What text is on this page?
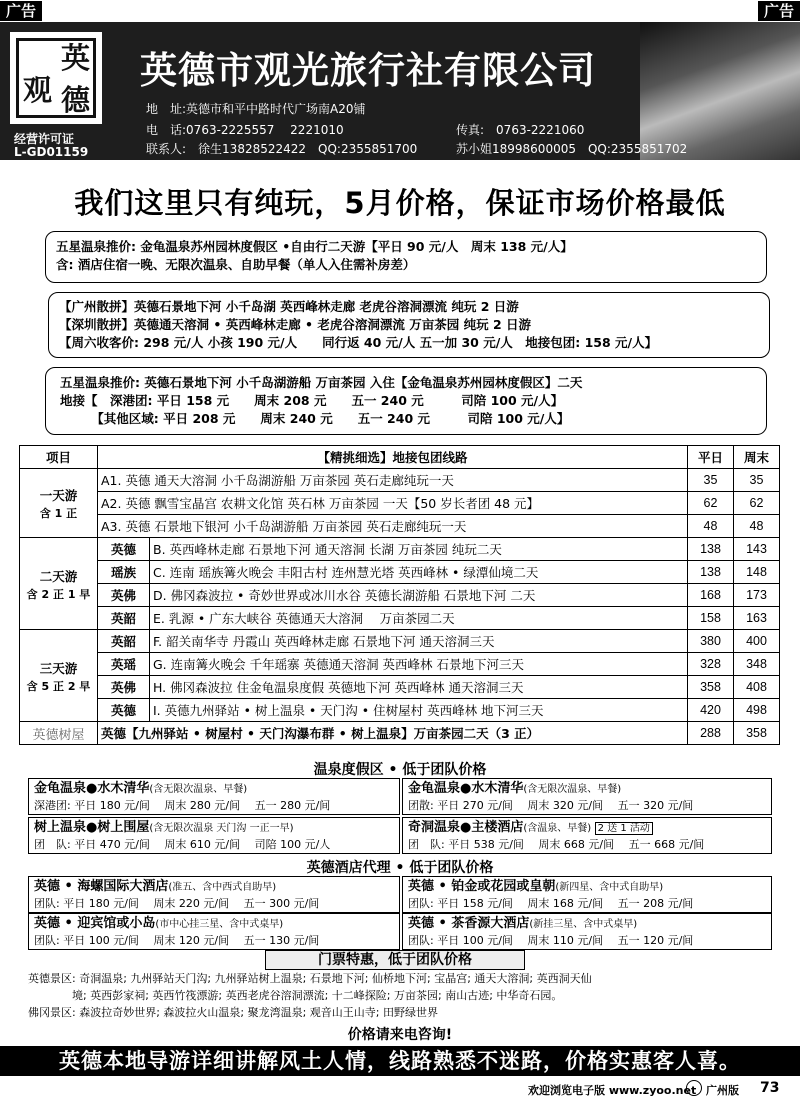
广告	广告
观
英
德
经营许可证
L-GD01159
英德市观光旅行社有限公司
地　址:英德市和平中路时代广场南A20铺
电　话:0763-2225557　 2221010	传真:　0763-2221060
联系人:　徐生13828522422　QQ:2355851700	苏小姐18998600005　QQ:2355851702
我们这里只有纯玩，5月价格，保证市场价格最低
五星温泉推价: 金龟温泉苏州园林度假区 •自由行二天游【平日 90 元/人　周末 138 元/人】
含: 酒店住宿一晚、无限次温泉、自助早餐（单人入住需补房差）
【广州散拼】英德石景地下河 小千岛湖 英西峰林走廊 老虎谷溶洞漂流 纯玩 2 日游
【深圳散拼】英德通天溶洞 • 英西峰林走廊 • 老虎谷溶洞漂流 万亩茶园 纯玩 2 日游
【周六收客价: 298 元/人 小孩 190 元/人　　同行返 40 元/人 五一加 30 元/人　地接包团: 158 元/人】
五星温泉推价: 英德石景地下河 小千岛湖游船 万亩茶园 入住【金龟温泉苏州园林度假区】二天
地接【　深港团: 平日 158 元　　周末 208 元　　五一 240 元　　　司陪 100 元/人】
　　　【其他区域: 平日 208 元　　周末 240 元　　五一 240 元　　　司陪 100 元/人】
项目	【精挑细选】地接包团线路		平日	周末
一天游
含 1 正	A1. 英德 通天大溶洞 小千岛湖游船 万亩茶园 英石走廊纯玩一天		35	35
	A2. 英德 飘雪宝晶宫 农耕文化馆 英石林 万亩茶园 一天【50 岁长者团 48 元】		62	62
	A3. 英德 石景地下银河 小千岛湖游船 万亩茶园 英石走廊纯玩一天		48	48
二天游
含 2 正 1 早	英德	B. 英西峰林走廊 石景地下河 通天溶洞 长湖 万亩茶园 纯玩二天	138	143
	瑶族	C. 连南 瑶族篝火晚会 丰阳古村 连州慧光塔 英西峰林 • 绿潭仙境二天	138	148
	英佛	D. 佛冈森波拉 • 奇妙世界或冰川水谷 英德长湖游船 石景地下河 二天	168	173
	英韶	E. 乳源 • 广东大峡谷 英德通天大溶洞　 万亩茶园二天	158	163
三天游
含 5 正 2 早	英韶	F. 韶关南华寺 丹霞山 英西峰林走廊 石景地下河 通天溶洞三天	380	400
	英瑶	G. 连南篝火晚会 千年瑶寨 英德通天溶洞 英西峰林 石景地下河三天	328	348
	英佛	H. 佛冈森波拉 住金龟温泉度假 英德地下河 英西峰林 通天溶洞三天	358	408
	英德	I. 英德九州驿站 • 树上温泉 • 天门沟 • 住树屋村 英西峰林 地下河三天	420	498
英德树屋	英德【九州驿站 • 树屋村 • 天门沟瀑布群 • 树上温泉】万亩茶园二天（3 正）		288	358
温泉度假区 • 低于团队价格
金龟温泉●水木清华(含无限次温泉、早餐)
深港团: 平日 180 元/间　 周末 280 元/间　 五一 280 元/间
金龟温泉●水木清华(含无限次温泉、早餐)
团散: 平日 270 元/间　 周末 320 元/间　 五一 320 元/间
树上温泉●树上围屋(含无限次温泉 天门沟 一正一早)
团　队: 平日 470 元/间　 周末 610 元/间　 司陪 100 元/人
奇洞温泉●主楼酒店(含温泉、早餐) 2 送 1 活动
团　队: 平日 538 元/间　 周末 668 元/间　 五一 668 元/间
英德酒店代理 • 低于团队价格
英德 • 海螺国际大酒店(准五、含中西式自助早)
团队: 平日 180 元/间　 周末 220 元/间　 五一 300 元/间
英德 • 铂金或花园或皇朝(新四星、含中式自助早)
团队: 平日 158 元/间　 周末 168 元/间　 五一 208 元/间
英德 • 迎宾馆或小岛(市中心挂三星、含中式桌早)
团队: 平日 100 元/间　 周末 120 元/间　 五一 130 元/间
英德 • 茶香源大酒店(新挂三星、含中式桌早)
团队: 平日 100 元/间　 周末 110 元/间　 五一 120 元/间
门票特惠，低于团队价格
英德景区: 奇洞温泉; 九州驿站天门沟; 九州驿站树上温泉; 石景地下河; 仙桥地下河; 宝晶宫; 通天大溶洞; 英西洞天仙
　　　　境; 英西彭家祠; 英西竹筏漂游; 英西老虎谷溶洞漂流; 十二峰探险; 万亩茶园; 南山古迹; 中华奇石园。
佛冈景区: 森波拉奇妙世界; 森波拉火山温泉; 聚龙湾温泉; 观音山王山寺; 田野绿世界
价格请来电咨询!
英德本地导游详细讲解风土人情，线路熟悉不迷路，价格实惠客人喜。
欢迎浏览电子版 www.zyoo.net 广州版 73
